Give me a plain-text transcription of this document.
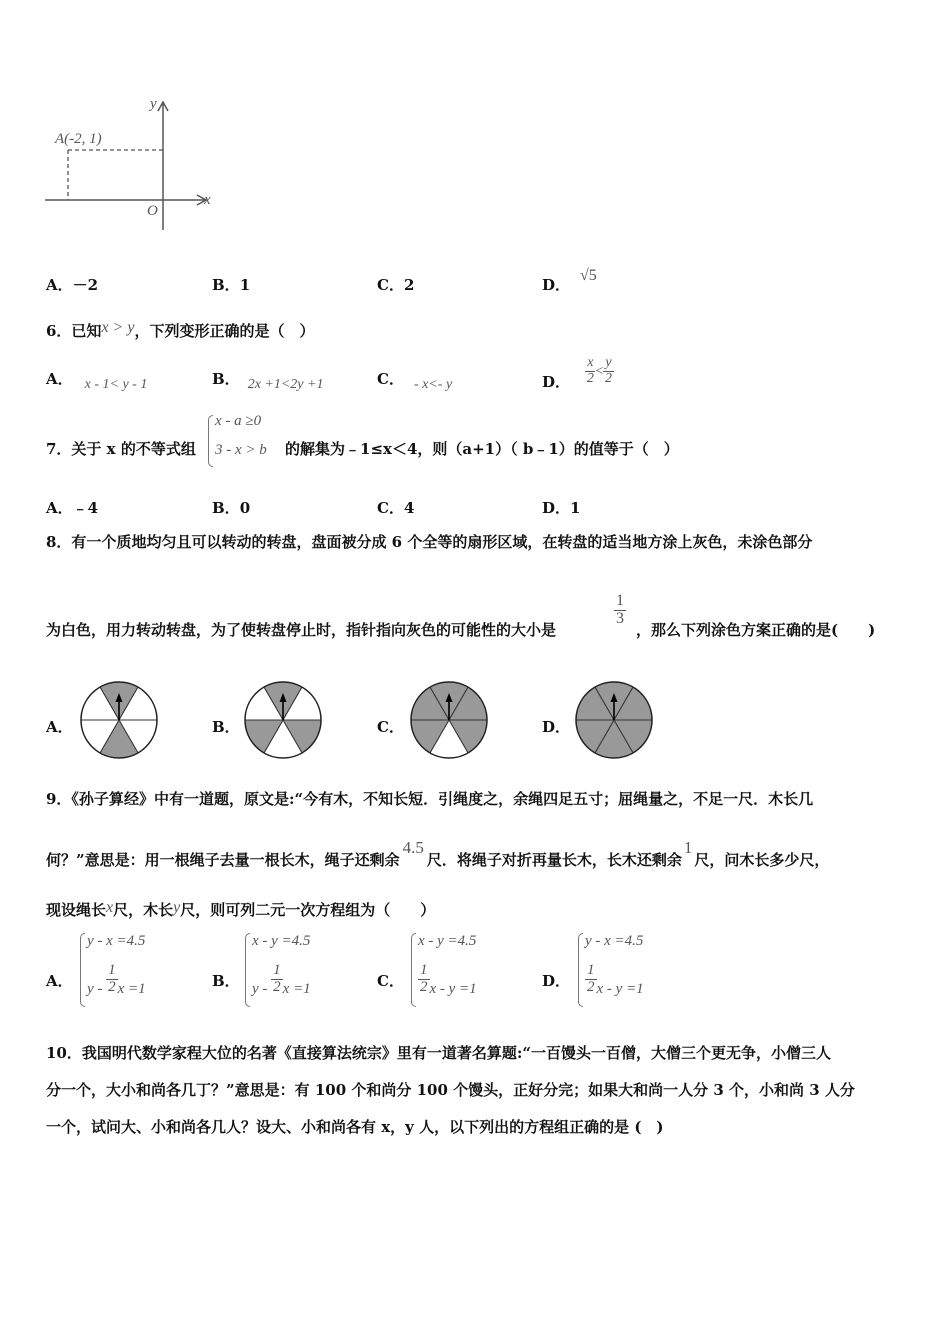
A(-2, 1)
y
x
O
A．－2	B．1	C．2	D．√5
6．已知x > y，下列变形正确的是（　）
A． x - 1< y - 1	B． 2x +1<2y +1	C． - x<- y	D． $\frac{x}{2} < \frac{y}{2}$
x - a ≥0
3 - x > b
7．关于 x 的不等式组	的解集为﹣1≤x＜4，则（a+1）（ b﹣1）的值等于（　）
A．﹣4	B．0	C．4	D．1
8．有一个质地均匀且可以转动的转盘，盘面被分成 6 个全等的扇形区域，在转盘的适当地方涂上灰色，未涂色部分
为白色，用力转动转盘，为了使转盘停止时，指针指向灰色的可能性的大小是
$\frac{1}{3}$
，那么下列涂色方案正确的是(　　)
A．	B．	C．	D．
9．《孙子算经》中有一道题，原文是:“今有木，不知长短．引绳度之，余绳四足五寸；屈绳量之，不足一尺．木长几
何？”意思是：用一根绳子去量一根长木，绳子还剩余4.5尺．将绳子对折再量长木，长木还剩余1尺，问木长多少尺，
现设绳长x尺，木长y尺，则可列二元一次方程组为（　　）
A．
y - x =4.5
y - $\frac{1}{2}$ x =1	B．
x - y =4.5
y - $\frac{1}{2}$ x =1	C．
x - y =4.5
$\frac{1}{2}$ x - y =1	D．
y - x =4.5
$\frac{1}{2}$ x - y =1
10．我国明代数学家程大位的名著《直接算法统宗》里有一道著名算题:“一百馒头一百僧，大僧三个更无争，小僧三人
分一个，大小和尚各几丁？”意思是：有 100 个和尚分 100 个馒头，正好分完；如果大和尚一人分 3 个，小和尚 3 人分
一个，试问大、小和尚各几人？设大、小和尚各有 x，y 人，以下列出的方程组正确的是 (　)
